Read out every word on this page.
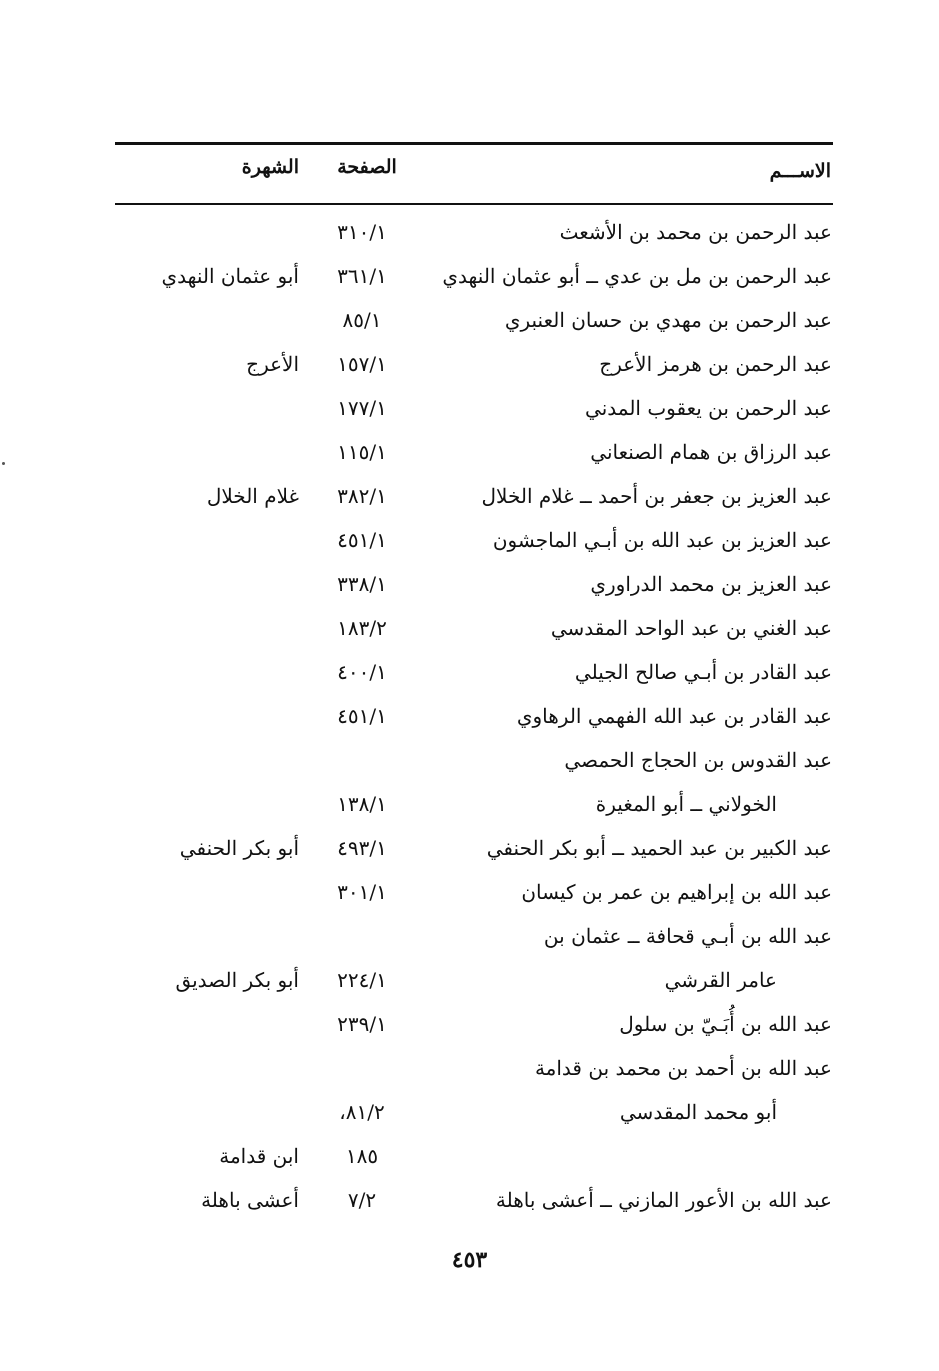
الاســـم
الصفحة
الشهرة
عبد الرحمن بن محمد بن الأشعث
٣١٠/١
عبد الرحمن بن مل بن عدي ــ أبو عثمان النهدي
٣٦١/١
أبو عثمان النهدي
عبد الرحمن بن مهدي بن حسان العنبري
٨٥/١
عبد الرحمن بن هرمز الأعرج
١٥٧/١
الأعرج
عبد الرحمن بن يعقوب المدني
١٧٧/١
عبد الرزاق بن همام الصنعاني
١١٥/١
عبد العزيز بن جعفر بن أحمد ــ غلام الخلال
٣٨٢/١
غلام الخلال
عبد العزيز بن عبد الله بن أبـي الماجشون
٤٥١/١
عبد العزيز بن محمد الدراوري
٣٣٨/١
عبد الغني بن عبد الواحد المقدسي
١٨٣/٢
عبد القادر بن أبـي صالح الجيلي
٤٠٠/١
عبد القادر بن عبد الله الفهمي الرهاوي
٤٥١/١
عبد القدوس بن الحجاج الحمصي
الخولاني ــ أبو المغيرة
١٣٨/١
عبد الكبير بن عبد الحميد ــ أبو بكر الحنفي
٤٩٣/١
أبو بكر الحنفي
عبد الله بن إبراهيم بن عمر بن كيسان
٣٠١/١
عبد الله بن أبـي قحافة ــ عثمان بن
عامر القرشي
٢٢٤/١
أبو بكر الصديق
عبد الله بن أُبَـيّ بن سلول
٢٣٩/١
عبد الله بن أحمد بن محمد بن قدامة
أبو محمد المقدسي
٨١/٢،
١٨٥
ابن قدامة
عبد الله بن الأعور المازني ــ أعشى باهلة
٧/٢
أعشى باهلة
٤٥٣
